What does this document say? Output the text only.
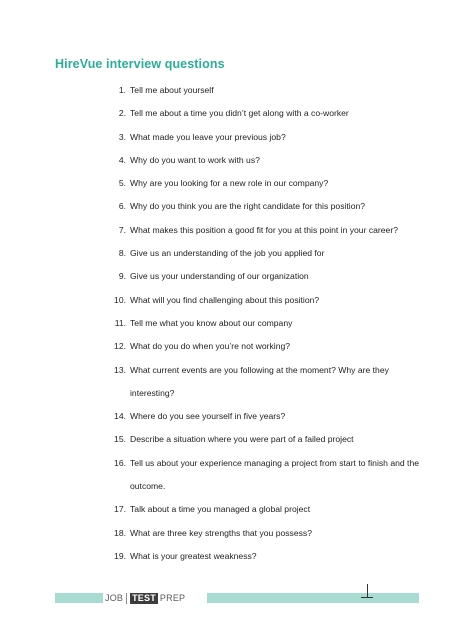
HireVue interview questions
1. Tell me about yourself
2. Tell me about a time you didn’t get along with a co-worker
3. What made you leave your previous job?
4. Why do you want to work with us?
5. Why are you looking for a new role in our company?
6. Why do you think you are the right candidate for this position?
7. What makes this position a good fit for you at this point in your career?
8. Give us an understanding of the job you applied for
9. Give us your understanding of our organization
10. What will you find challenging about this position?
11. Tell me what you know about our company
12. What do you do when you’re not working?
13. What current events are you following at the moment? Why are they interesting?
14. Where do you see yourself in five years?
15. Describe a situation where you were part of a failed project
16. Tell us about your experience managing a project from start to finish and the outcome.
17. Talk about a time you managed a global project
18. What are three key strengths that you possess?
19. What is your greatest weakness?
JOB	TEST PREP
